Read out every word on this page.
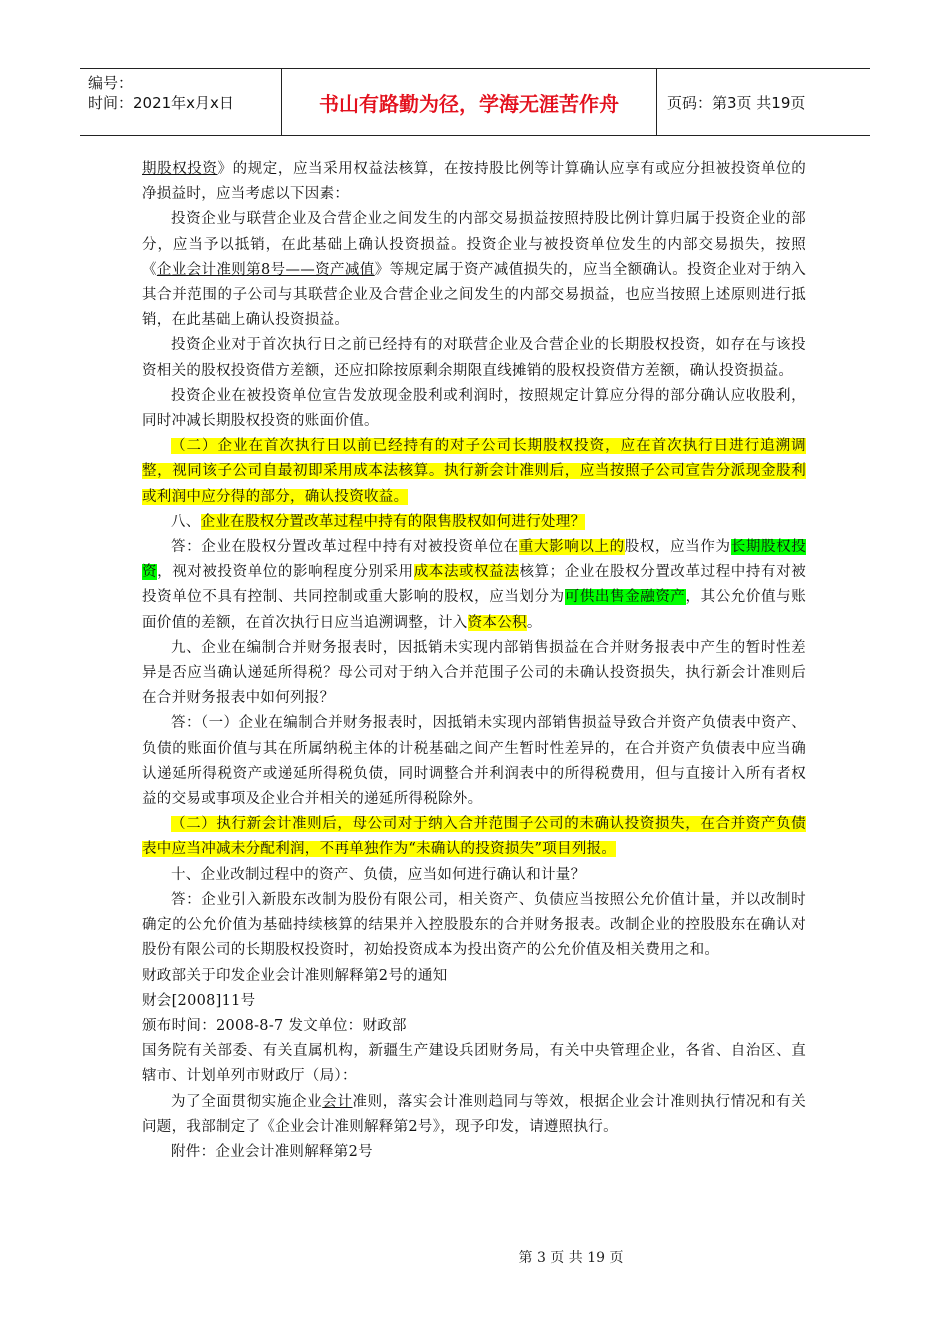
编号：
时间：2021年x月x日	书山有路勤为径，学海无涯苦作舟	页码：第3页 共19页

期股权投资》的规定，应当采用权益法核算，在按持股比例等计算确认应享有或应分担被投资单位的净损益时，应当考虑以下因素：

投资企业与联营企业及合营企业之间发生的内部交易损益按照持股比例计算归属于投资企业的部分，应当予以抵销，在此基础上确认投资损益。投资企业与被投资单位发生的内部交易损失，按照《企业会计准则第8号——资产减值》等规定属于资产减值损失的，应当全额确认。投资企业对于纳入其合并范围的子公司与其联营企业及合营企业之间发生的内部交易损益，也应当按照上述原则进行抵销，在此基础上确认投资损益。

投资企业对于首次执行日之前已经持有的对联营企业及合营企业的长期股权投资，如存在与该投资相关的股权投资借方差额，还应扣除按原剩余期限直线摊销的股权投资借方差额，确认投资损益。

投资企业在被投资单位宣告发放现金股利或利润时，按照规定计算应分得的部分确认应收股利，同时冲减长期股权投资的账面价值。

（二）企业在首次执行日以前已经持有的对子公司长期股权投资，应在首次执行日进行追溯调整，视同该子公司自最初即采用成本法核算。执行新会计准则后，应当按照子公司宣告分派现金股利或利润中应分得的部分，确认投资收益。

八、企业在股权分置改革过程中持有的限售股权如何进行处理？

答：企业在股权分置改革过程中持有对被投资单位在重大影响以上的股权，应当作为长期股权投资，视对被投资单位的影响程度分别采用成本法或权益法核算；企业在股权分置改革过程中持有对被投资单位不具有控制、共同控制或重大影响的股权，应当划分为可供出售金融资产，其公允价值与账面价值的差额，在首次执行日应当追溯调整，计入资本公积。

九、企业在编制合并财务报表时，因抵销未实现内部销售损益在合并财务报表中产生的暂时性差异是否应当确认递延所得税？母公司对于纳入合并范围子公司的未确认投资损失，执行新会计准则后在合并财务报表中如何列报？

答：（一）企业在编制合并财务报表时，因抵销未实现内部销售损益导致合并资产负债表中资产、负债的账面价值与其在所属纳税主体的计税基础之间产生暂时性差异的，在合并资产负债表中应当确认递延所得税资产或递延所得税负债，同时调整合并利润表中的所得税费用，但与直接计入所有者权益的交易或事项及企业合并相关的递延所得税除外。

（二）执行新会计准则后，母公司对于纳入合并范围子公司的未确认投资损失，在合并资产负债表中应当冲减未分配利润，不再单独作为“未确认的投资损失”项目列报。

十、企业改制过程中的资产、负债，应当如何进行确认和计量？

答：企业引入新股东改制为股份有限公司，相关资产、负债应当按照公允价值计量，并以改制时确定的公允价值为基础持续核算的结果并入控股股东的合并财务报表。改制企业的控股股东在确认对股份有限公司的长期股权投资时，初始投资成本为投出资产的公允价值及相关费用之和。

财政部关于印发企业会计准则解释第2号的通知

财会[2008]11号

颁布时间：2008-8-7 发文单位：财政部

国务院有关部委、有关直属机构，新疆生产建设兵团财务局，有关中央管理企业，各省、自治区、直辖市、计划单列市财政厅（局）：

为了全面贯彻实施企业会计准则，落实会计准则趋同与等效，根据企业会计准则执行情况和有关问题，我部制定了《企业会计准则解释第2号》，现予印发，请遵照执行。

附件：企业会计准则解释第2号

第 3 页 共 19 页
